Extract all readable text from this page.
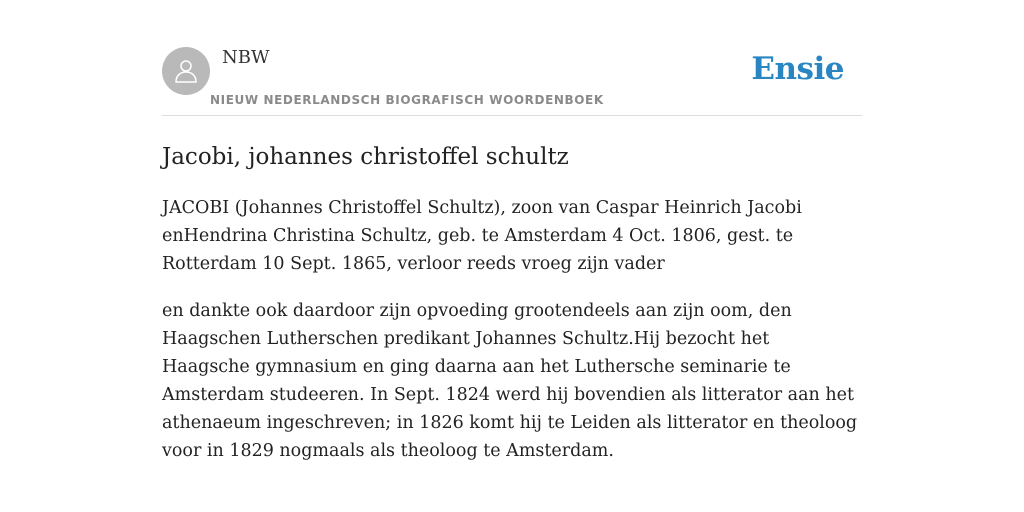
NBW
NIEUW NEDERLANDSCH BIOGRAFISCH WOORDENBOEK
Ensie
Jacobi, johannes christoffel schultz

JACOBI (Johannes Christoffel Schultz), zoon van Caspar Heinrich Jacobi enHendrina Christina Schultz, geb. te Amsterdam 4 Oct. 1806, gest. te Rotterdam 10 Sept. 1865, verloor reeds vroeg zijn vader

en dankte ook daardoor zijn opvoeding grootendeels aan zijn oom, den Haagschen Lutherschen predikant Johannes Schultz.Hij bezocht het Haagsche gymnasium en ging daarna aan het Luthersche seminarie te Amsterdam studeeren. In Sept. 1824 werd hij bovendien als litterator aan het athenaeum ingeschreven; in 1826 komt hij te Leiden als litterator en theoloog voor in 1829 nogmaals als theoloog te Amsterdam.
